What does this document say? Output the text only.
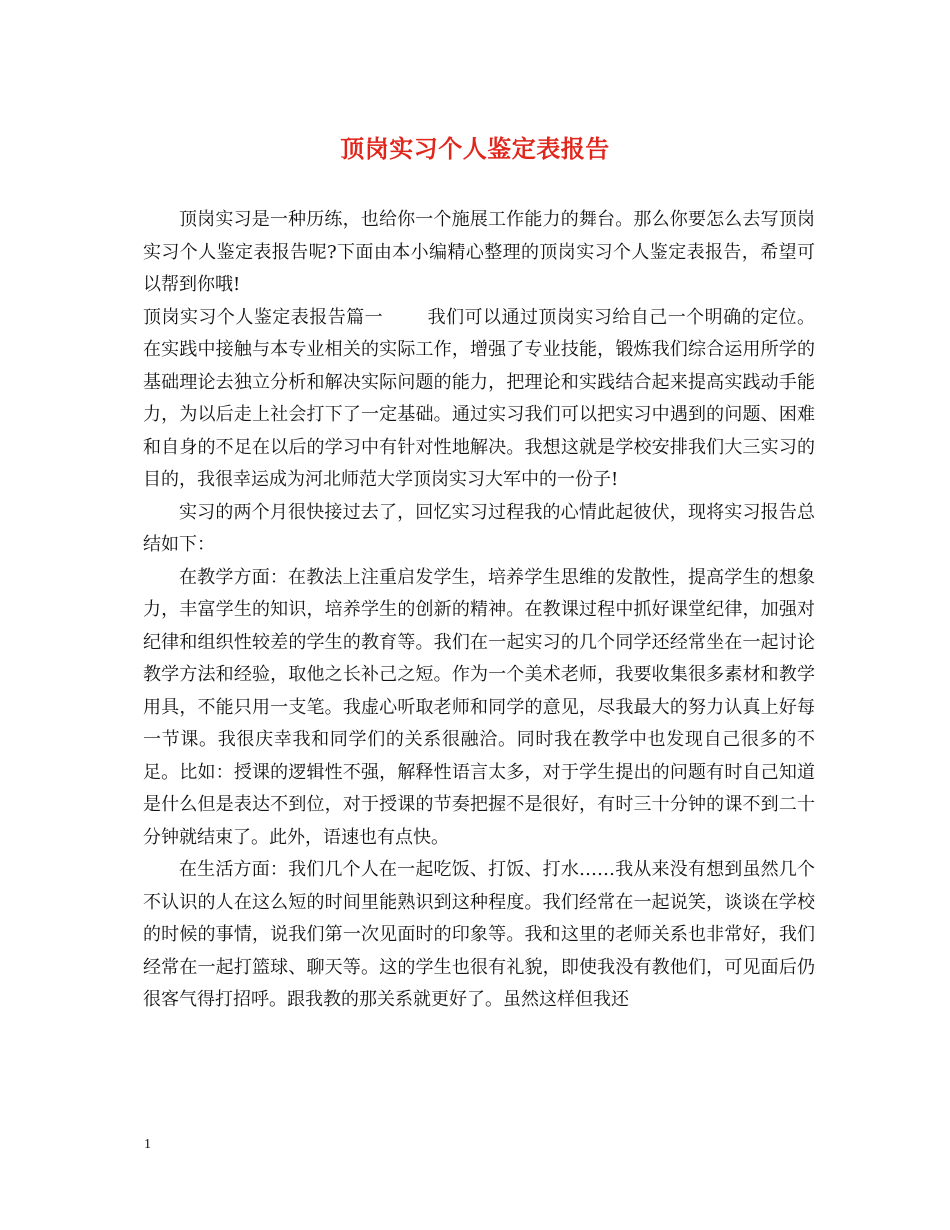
顶岗实习个人鉴定表报告

顶岗实习是一种历练，也给你一个施展工作能力的舞台。那么你要怎么去写顶岗实习个人鉴定表报告呢?下面由本小编精心整理的顶岗实习个人鉴定表报告，希望可以帮到你哦!

顶岗实习个人鉴定表报告篇一 我们可以通过顶岗实习给自己一个明确的定位。在实践中接触与本专业相关的实际工作，增强了专业技能，锻炼我们综合运用所学的基础理论去独立分析和解决实际问题的能力，把理论和实践结合起来提高实践动手能力，为以后走上社会打下了一定基础。通过实习我们可以把实习中遇到的问题、困难和自身的不足在以后的学习中有针对性地解决。我想这就是学校安排我们大三实习的目的，我很幸运成为河北师范大学顶岗实习大军中的一份子!

实习的两个月很快接过去了，回忆实习过程我的心情此起彼伏，现将实习报告总结如下：

在教学方面：在教法上注重启发学生，培养学生思维的发散性，提高学生的想象力，丰富学生的知识，培养学生的创新的精神。在教课过程中抓好课堂纪律，加强对纪律和组织性较差的学生的教育等。我们在一起实习的几个同学还经常坐在一起讨论教学方法和经验，取他之长补己之短。作为一个美术老师，我要收集很多素材和教学用具，不能只用一支笔。我虚心听取老师和同学的意见，尽我最大的努力认真上好每一节课。我很庆幸我和同学们的关系很融洽。同时我在教学中也发现自己很多的不足。比如：授课的逻辑性不强，解释性语言太多，对于学生提出的问题有时自己知道是什么但是表达不到位，对于授课的节奏把握不是很好，有时三十分钟的课不到二十分钟就结束了。此外，语速也有点快。

在生活方面：我们几个人在一起吃饭、打饭、打水……我从来没有想到虽然几个不认识的人在这么短的时间里能熟识到这种程度。我们经常在一起说笑，谈谈在学校的时候的事情，说我们第一次见面时的印象等。我和这里的老师关系也非常好，我们经常在一起打篮球、聊天等。这的学生也很有礼貌，即使我没有教他们，可见面后仍很客气得打招呼。跟我教的那关系就更好了。虽然这样但我还

1
